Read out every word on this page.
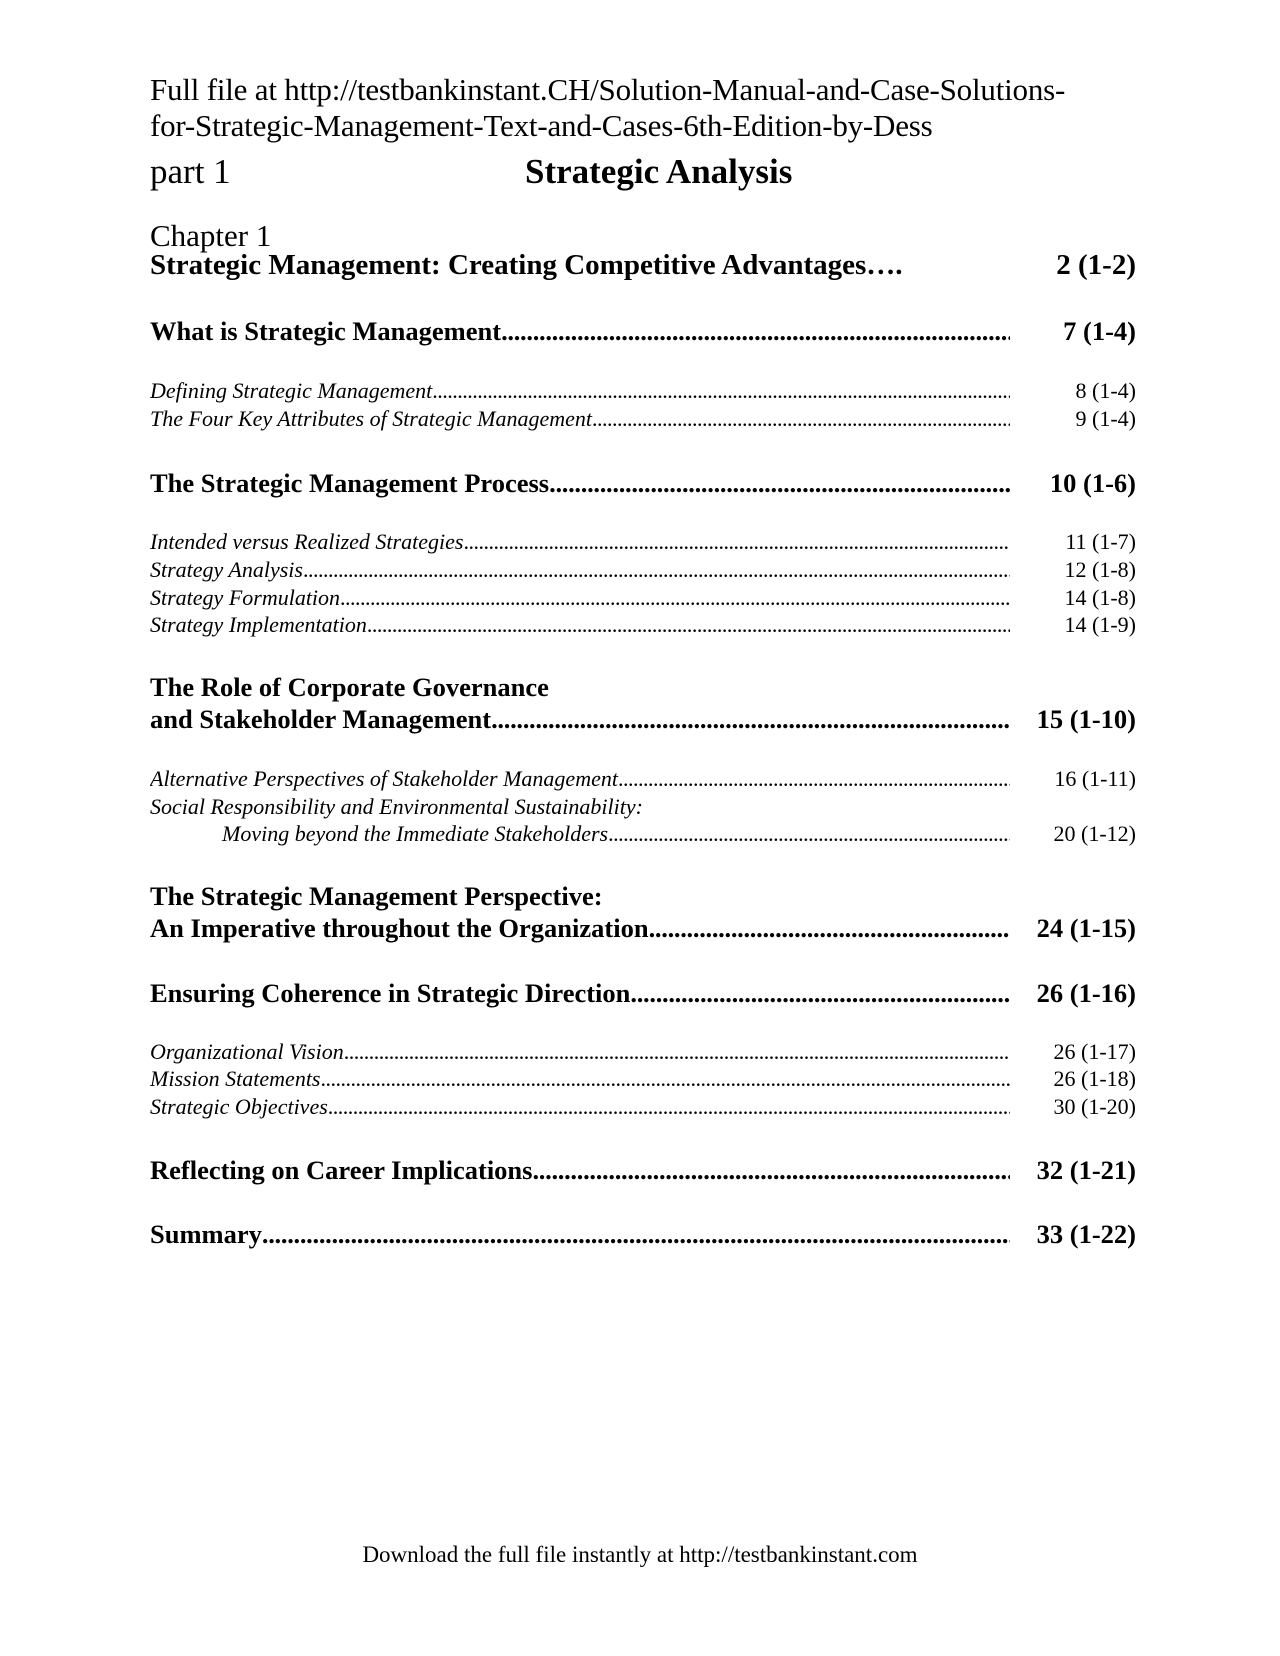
Full file at http://testbankinstant.CH/Solution-Manual-and-Case-Solutions-
for-Strategic-Management-Text-and-Cases-6th-Edition-by-Dess
part 1	Strategic Analysis
Chapter 1
Strategic Management: Creating Competitive Advantages….	2 (1-2)
What is Strategic Management .....	7 (1-4)
Defining Strategic Management .....	8 (1-4)
The Four Key Attributes of Strategic Management .....	9 (1-4)
The Strategic Management Process .....	10 (1-6)
Intended versus Realized Strategies .....	11 (1-7)
Strategy Analysis .....	12 (1-8)
Strategy Formulation .....	14 (1-8)
Strategy Implementation .....	14 (1-9)
The Role of Corporate Governance
and Stakeholder Management .....	15 (1-10)
Alternative Perspectives of Stakeholder Management .....	16 (1-11)
Social Responsibility and Environmental Sustainability:
Moving beyond the Immediate Stakeholders .....	20 (1-12)
The Strategic Management Perspective:
An Imperative throughout the Organization .....	24 (1-15)
Ensuring Coherence in Strategic Direction .....	26 (1-16)
Organizational Vision .....	26 (1-17)
Mission Statements .....	26 (1-18)
Strategic Objectives .....	30 (1-20)
Reflecting on Career Implications .....	32 (1-21)
Summary .....	33 (1-22)
Download the full file instantly at http://testbankinstant.com
